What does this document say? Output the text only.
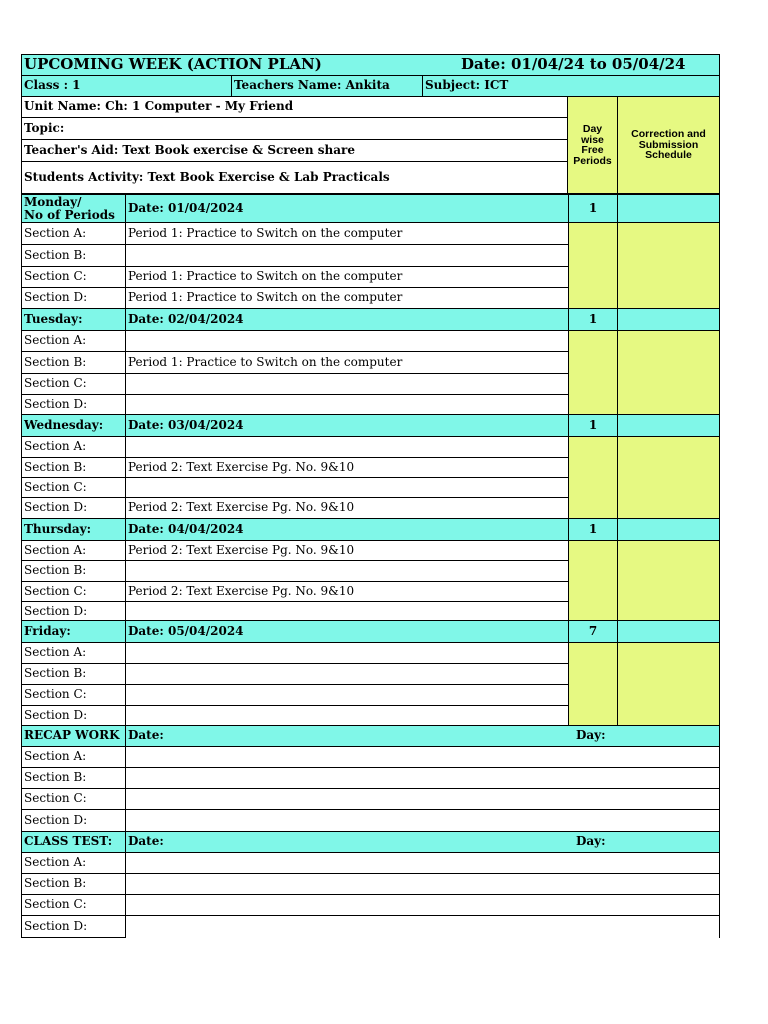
UPCOMING WEEK (ACTION PLAN)	Date: 01/04/24 to 05/04/24
Class : 1	Teachers Name: Ankita	Subject: ICT
Unit Name: Ch: 1 Computer - My Friend
Topic:
Teacher's Aid: Text Book exercise & Screen share
Students Activity: Text Book Exercise & Lab Practicals
Day wise Free Periods
Correction and Submission Schedule
Monday/
No of Periods	Date: 01/04/2024	1
Section A:	Period 1: Practice to Switch on the computer
Section B:
Section C:	Period 1: Practice to Switch on the computer
Section D:	Period 1: Practice to Switch on the computer
Tuesday:	Date: 02/04/2024	1
Section A:
Section B:	Period 1: Practice to Switch on the computer
Section C:
Section D:
Wednesday:	Date: 03/04/2024	1
Section A:
Section B:	Period 2: Text Exercise Pg. No. 9&10
Section C:
Section D:	Period 2: Text Exercise Pg. No. 9&10
Thursday:	Date: 04/04/2024	1
Section A:	Period 2: Text Exercise Pg. No. 9&10
Section B:
Section C:	Period 2: Text Exercise Pg. No. 9&10
Section D:
Friday:	Date: 05/04/2024	7
Section A:
Section B:
Section C:
Section D:
RECAP WORK Date:	Day:
Section A:
Section B:
Section C:
Section D:
CLASS TEST:	Date:	Day:
Section A:
Section B:
Section C:
Section D:
